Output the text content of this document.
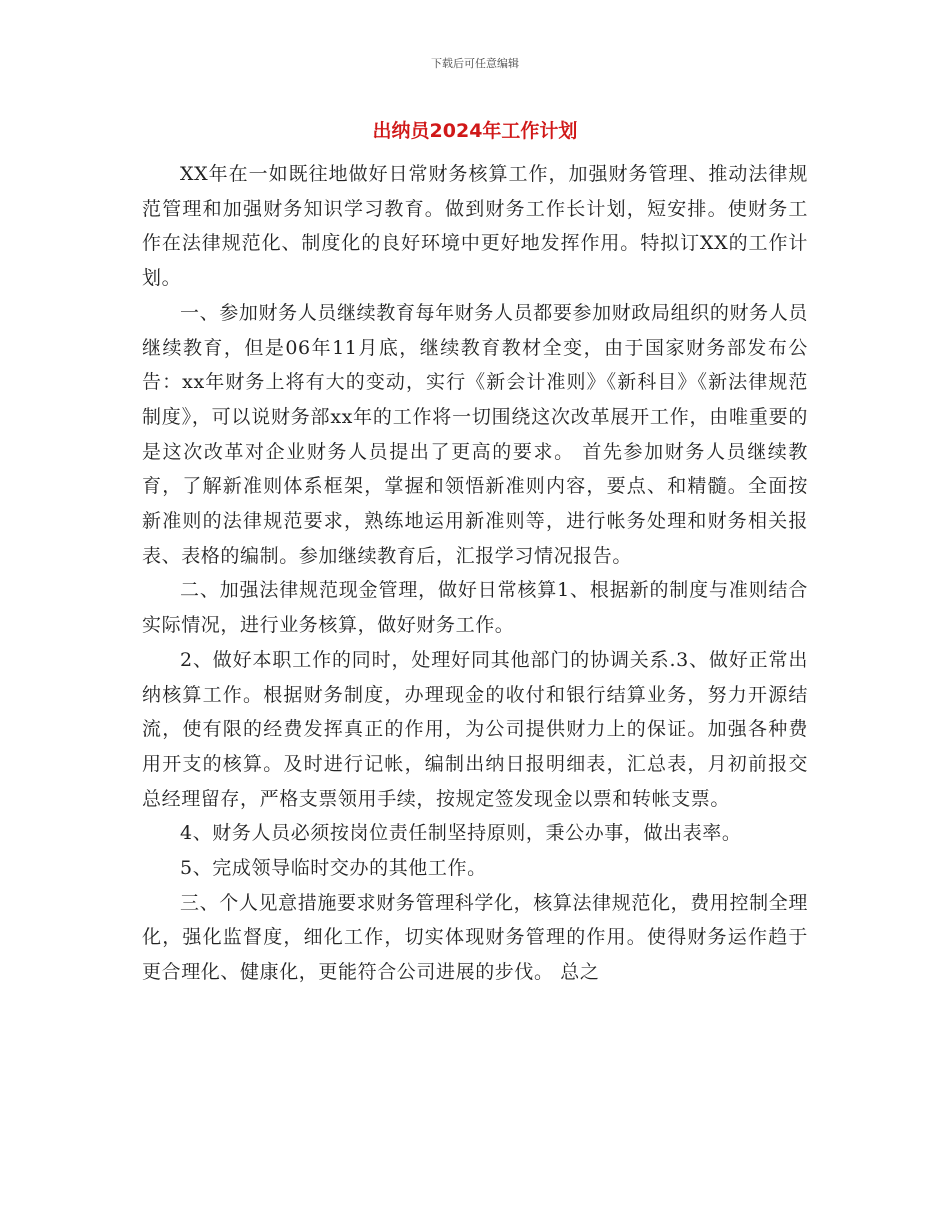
下载后可任意编辑
出纳员2024年工作计划

XX年在一如既往地做好日常财务核算工作，加强财务管理、推动法律规范管理和加强财务知识学习教育。做到财务工作长计划，短安排。使财务工作在法律规范化、制度化的良好环境中更好地发挥作用。特拟订XX的工作计划。

一、参加财务人员继续教育每年财务人员都要参加财政局组织的财务人员继续教育，但是06年11月底，继续教育教材全变，由于国家财务部发布公告：xx年财务上将有大的变动，实行《新会计准则》《新科目》《新法律规范制度》，可以说财务部xx年的工作将一切围绕这次改革展开工作，由唯重要的是这次改革对企业财务人员提出了更高的要求。 首先参加财务人员继续教育，了解新准则体系框架，掌握和领悟新准则内容，要点、和精髓。全面按新准则的法律规范要求，熟练地运用新准则等，进行帐务处理和财务相关报表、表格的编制。参加继续教育后，汇报学习情况报告。

二、加强法律规范现金管理，做好日常核算1、根据新的制度与准则结合实际情况，进行业务核算，做好财务工作。

2、做好本职工作的同时，处理好同其他部门的协调关系.3、做好正常出纳核算工作。根据财务制度，办理现金的收付和银行结算业务，努力开源结流，使有限的经费发挥真正的作用，为公司提供财力上的保证。加强各种费用开支的核算。及时进行记帐，编制出纳日报明细表，汇总表，月初前报交总经理留存，严格支票领用手续，按规定签发现金以票和转帐支票。

4、财务人员必须按岗位责任制坚持原则，秉公办事，做出表率。

5、完成领导临时交办的其他工作。

三、个人见意措施要求财务管理科学化，核算法律规范化，费用控制全理化，强化监督度，细化工作，切实体现财务管理的作用。使得财务运作趋于更合理化、健康化，更能符合公司进展的步伐。 总之
